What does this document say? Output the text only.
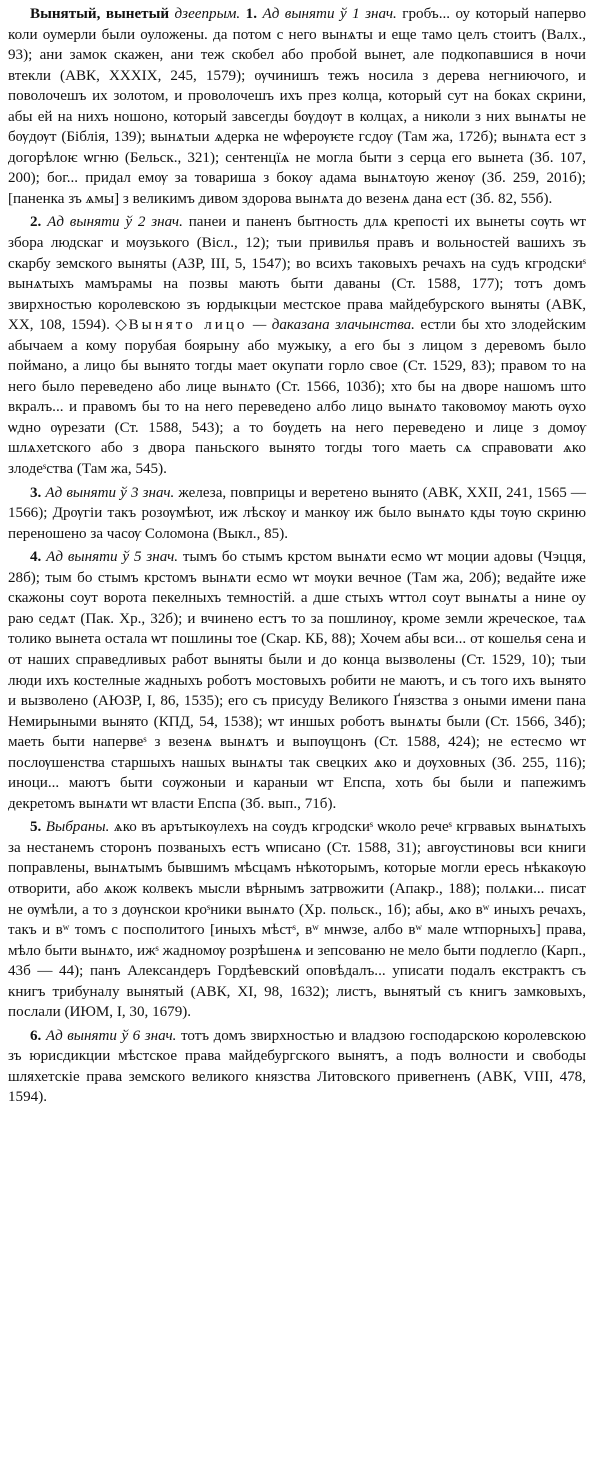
Вынятый, вынетый дзеепрым. 1. Ад выняти ў 1 знач. гробъ... оу который наперво коли оумерли были оуложены. да потом с него вынѧты и еще тамо целъ стоитъ (Валх., 93); ани замок скажен, ани теж скобел або пробой вынет, але подкопавшися в ночи втекли (АВК, XXXIX, 245, 1579); ѹчинишъ тежъ носила з дерева негниючого, и поволочешъ их золотом, и проволочешъ ихъ през колца, который сут на боках скрини, абы ей на нихъ ношоно, который завсегды бѹдѹт в колцах, а николи з них вынѧты не бѹдѹт (Біблія, 139); вынѧтыи ѧдерка не ѡферѹѥте гсдѹ (Там жа, 172б); вынѧта ест з догорѣлоѥ ѡгню (Бельск., 321); сентенцїѧ не могла быти з серца его вынета (Зб. 107, 200); бог... придал емѹ за товариша з бокѹ адама вынѧтѹю женѹ (Зб. 259, 201б); [паненка зъ ѧмы] з великимъ дивом здорова вынѧта до везенѧ дана ест (Зб. 82, 55б).

2. Ад выняти ў 2 знач. панеи и паненъ бытность длѧ крепості их вынеты сѹть ѡт збора людскаг и мѹзького (Вісл., 12); тыи привилья правъ и вольностей вашихъ зъ скарбу земского выняты (АЗР, III, 5, 1547); во всихъ таковыхъ речахъ на судъ кгродскиˢ вынѧтыхъ мамърамы на позвы мають быти даваны (Ст. 1588, 177); тотъ домъ звирхностью королевскою зъ юрдыкцыи местское права майдебурского выняты (АВК, XX, 108, 1594). ◇Вынято лицо — даказана злачынства. естли бы хто злодейским абычаем а кому порубая боярыну або мужыку, а его бы з лицом з деревомъ было поймано, а лицо бы вынято тогды мает окупати горло свое (Ст. 1529, 83); правом то на него было переведено або лице вынѧто (Ст. 1566, 103б); хто бы на дворе нашомъ што вкралъ... и правомъ бы то на него переведено албо лицо вынѧто таковомѹ мають ѹхо ѡдно ѹрезати (Ст. 1588, 543); а то бѹдеть на него переведено и лице з домѹ шлѧхетского або з двора паньского вынято тогды того маеть сѧ справовати ѧко злодеˢства (Там жа, 545).

3. Ад выняти ў 3 знач. железа, повприцы и веретено вынято (АВК, XXII, 241, 1565 — 1566); Дрѹгіи такъ розѹмѣют, иж лѣскѹ и манкѹ иж было вынѧто кды тѹю скриню переношено за часѹ Соломона (Выкл., 85).

4. Ад выняти ў 5 знач. тымъ бо стымъ крстом вынѧти есмо ѡт моции адовы (Чэцця, 28б); тым бо стымъ крстомъ вынѧти есмо ѡт мѹки вечное (Там жа, 20б); ведайте иже скажоны соут ворота пекелныхъ темностій. а дшe стыхъ ѡттол соут вынѧты а нине оу раю седѧт (Пак. Хр., 32б); и вчинено естъ то за пошлинѹ, кроме земли жреческое, таѧ толико вынета остала ѡт пошлины тое (Скар. КБ, 88); Хочем абы вси... от кошелья сена и от наших справедливых работ выняты были и до конца вызволены (Ст. 1529, 10); тыи люди ихъ костелные жадныхъ роботъ мостовыхъ робити не маютъ, и съ того ихъ вынято и вызволено (АЮЗР, I, 86, 1535); его съ присуду Великого Ґнязства з оными имени пана Немирыными вынято (КПД, 54, 1538); ѡт иншых роботъ вынѧты были (Ст. 1566, 34б); маеть быти напервеˢ з везенѧ вынѧтъ и выпѹщонъ (Ст. 1588, 424); не естесмо ѡт послѹшенства старшыхъ нашых вынѧты так свецких ѧко и дѹховных (Зб. 255, 116); иноци... маютъ быти сѹжоныи и караныи ѡт Епспа, хоть бы были и папежимъ декретомъ вынѧти ѡт власти Епспа (Зб. вып., 71б).

5. Выбраны. ѧко въ арътыкѹлехъ на сѹдъ кгродскиˢ ѡколо речеˢ кгрвавых вынѧтыхъ за нестанемъ сторонъ позваныхъ естъ ѡписано (Ст. 1588, 31); авгѹстиновы вси книги поправлены, вынѧтымъ бывшимъ мѣсцамъ нѣкоторымъ, которые могли ересь нѣкакѹю отворити, або ѧкож колвекъ мысли вѣрнымъ затрвожити (Апакр., 188); полѧки... писат не ѹмѣли, а то з дѹнскои кроˢники вынѧто (Хр. польск., 1б); абы, ѧко вʷ иныхъ речахъ, такъ и вʷ томъ с посполитого [иныхъ мѣстˢ, вʷ мнѡзе, албо вʷ мале ѡтпорныхъ] права, мѣло быти вынѧто, ижˢ жадномѹ розрѣшенѧ и зепсованю не мело быти подлегло (Карп., 43б — 44); панъ Александеръ Гордѣевский оповѣдалъ... уписати подалъ екстрактъ съ книгъ трибуналу вынятый (АВК, XI, 98, 1632); листъ, вынятый съ книгъ замковыхъ, послали (ИЮМ, I, 30, 1679).

6. Ад выняти ў 6 знач. тотъ домъ звирхностью и владзою господарскою королевскою зъ юрисдикции мѣстское права майдебургского вынятъ, а подъ волности и свободы шляхетскіе права земского великого князства Литовского привerненъ (АВК, VIII, 478, 1594).
